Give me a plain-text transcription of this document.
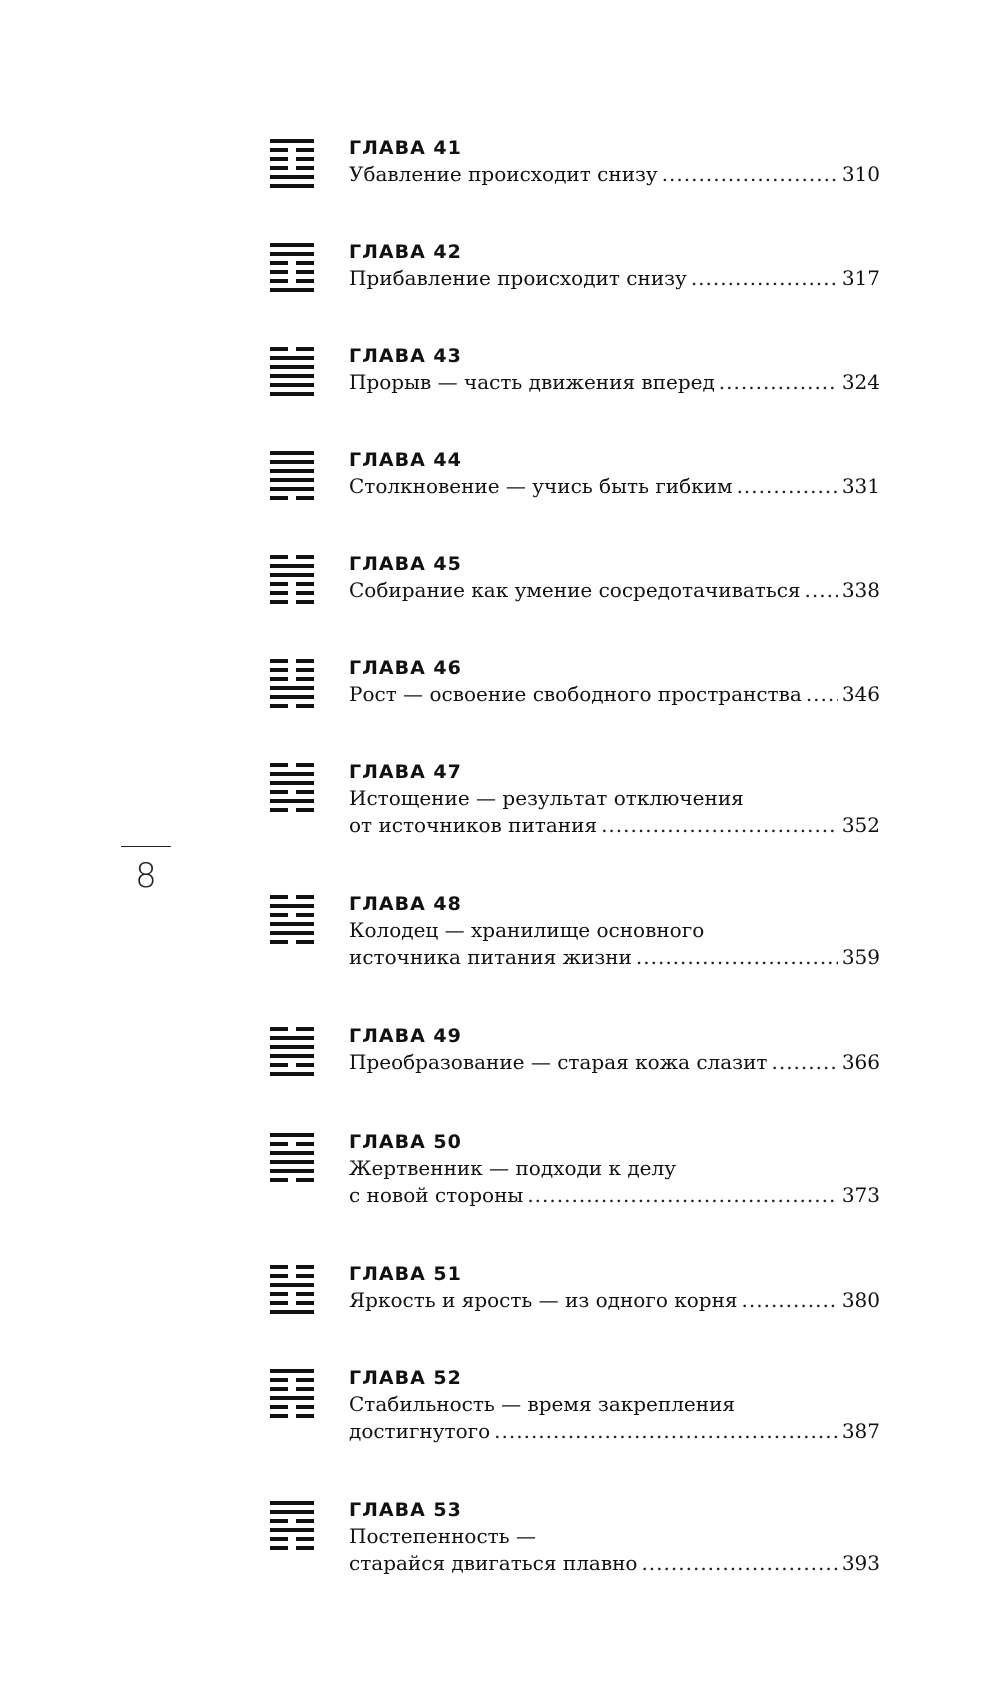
8
ГЛАВА 41
Убавление происходит снизу .....	310
ГЛАВА 42
Прибавление происходит снизу .....	317
ГЛАВА 43
Прорыв — часть движения вперед .....	324
ГЛАВА 44
Столкновение — учись быть гибким .....	331
ГЛАВА 45
Собирание как умение сосредотачиваться ..... 338
ГЛАВА 46
Рост — освоение свободного пространства ..... 346
ГЛАВА 47
Истощение — результат отключения
от источников питания .....	352
ГЛАВА 48
Колодец — хранилище основного
источника питания жизни .....	359
ГЛАВА 49
Преобразование — старая кожа слазит .....	366
ГЛАВА 50
Жертвенник — подходи к делу
с новой стороны .....	373
ГЛАВА 51
Яркость и ярость — из одного корня .....	380
ГЛАВА 52
Стабильность — время закрепления
достигнутого .....	387
ГЛАВА 53
Постепенность —
старайся двигаться плавно .....	393
